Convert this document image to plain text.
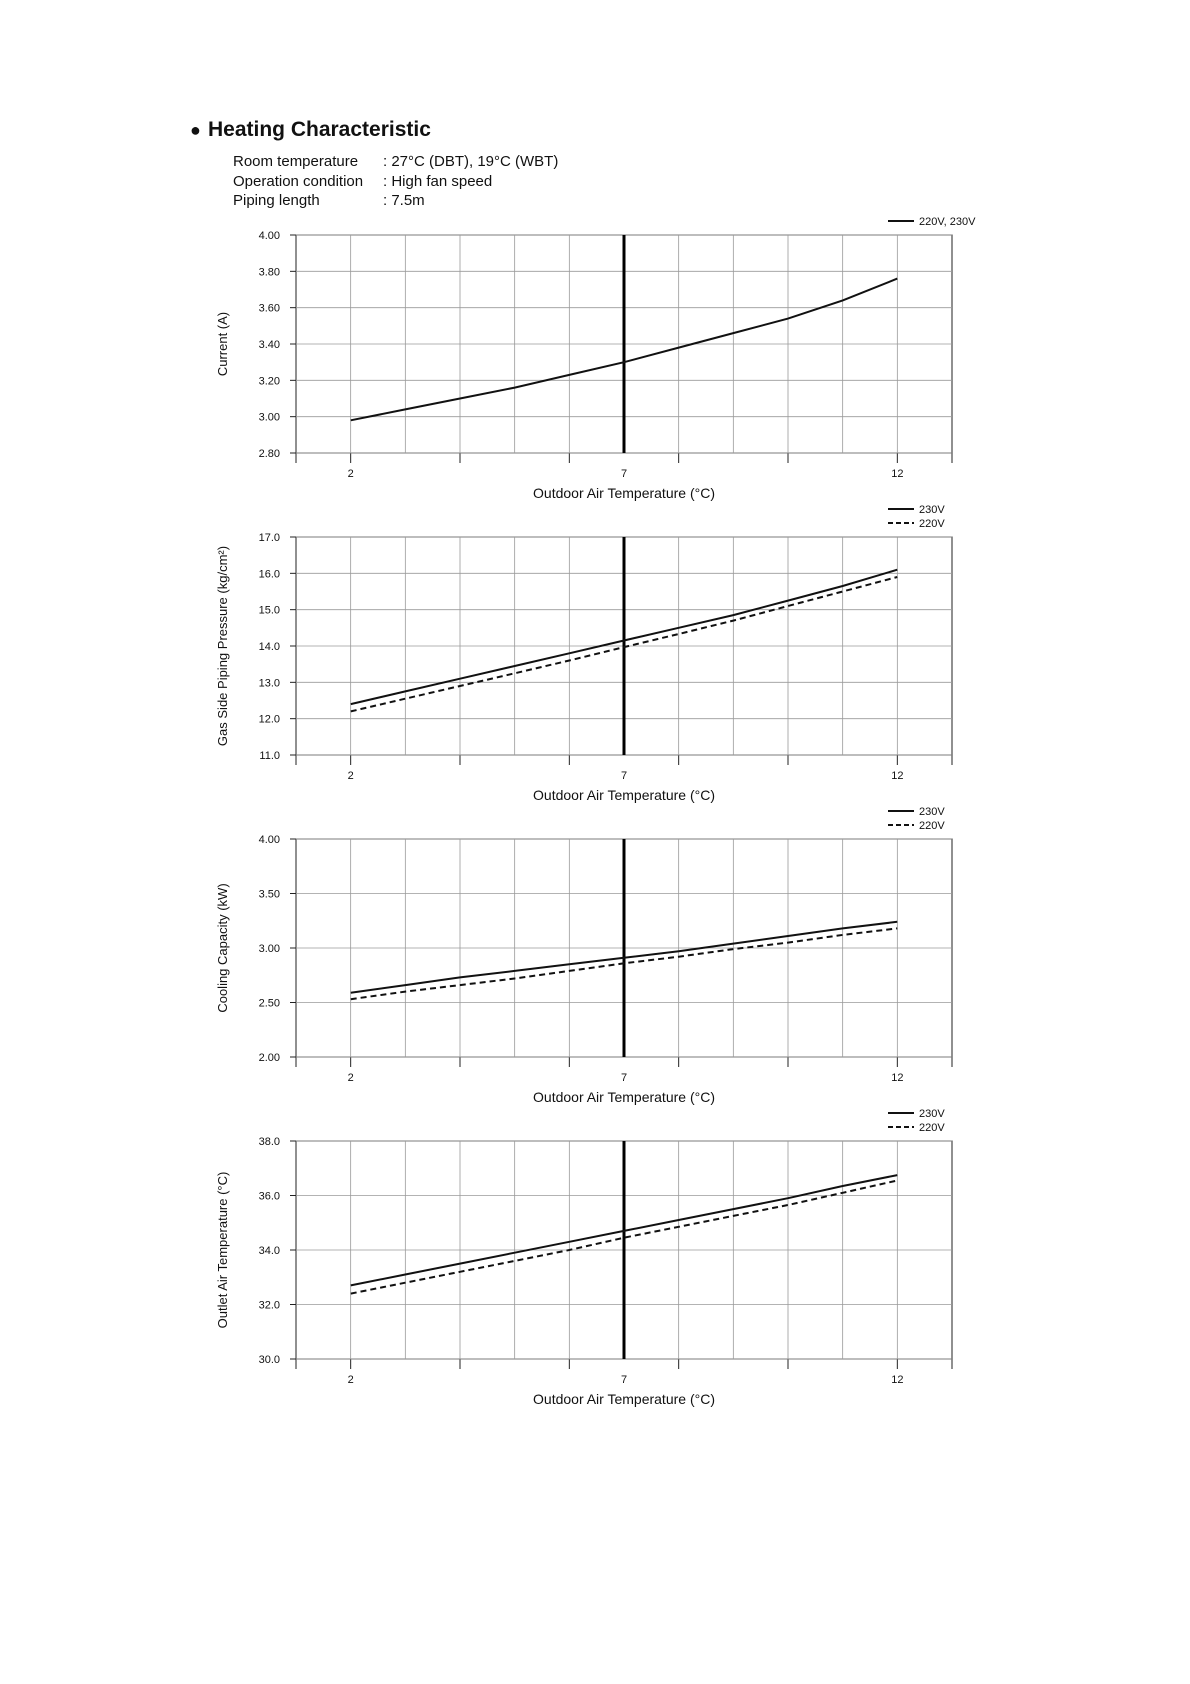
● Heating Characteristic
Room temperature	: 27°C (DBT), 19°C (WBT)
Operation condition	: High fan speed
Piping length	: 7.5m
4.00
3.80
3.60
3.40
3.20
3.00
2.80
2	7	12
Outdoor Air Temperature (°C)
Current (A)
220V, 230V
17.0
16.0
15.0
14.0
13.0
12.0
11.0
2	7	12
Outdoor Air Temperature (°C)
Gas Side Piping Pressure (kg/cm²)
230V
220V
4.00
3.50
3.00
2.50
2.00
2	7	12
Outdoor Air Temperature (°C)
Cooling Capacity (kW)
230V
220V
38.0
36.0
34.0
32.0
30.0
2	7	12
Outdoor Air Temperature (°C)
Outlet Air Temperature (°C)
230V
220V
